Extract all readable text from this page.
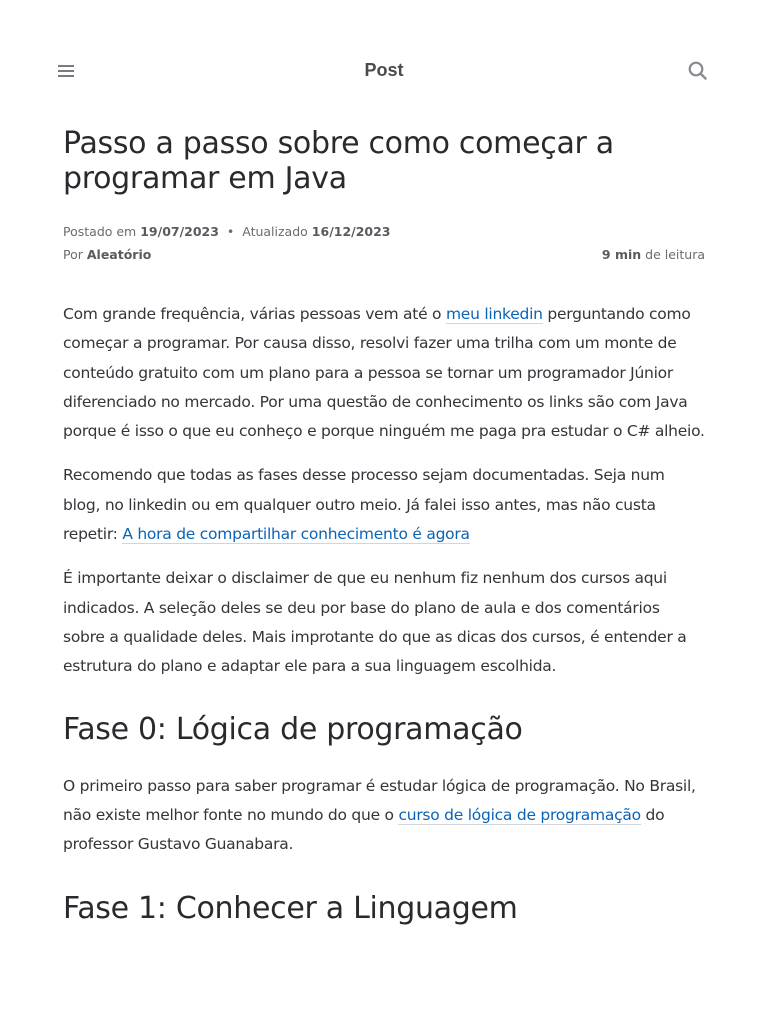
Post
Passo a passo sobre como começar a programar em Java
Postado em 19/07/2023 • Atualizado 16/12/2023
Por Aleatório	9 min de leitura

Com grande frequência, várias pessoas vem até o meu linkedin perguntando como começar a programar. Por causa disso, resolvi fazer uma trilha com um monte de conteúdo gratuito com um plano para a pessoa se tornar um programador Júnior diferenciado no mercado. Por uma questão de conhecimento os links são com Java porque é isso o que eu conheço e porque ninguém me paga pra estudar o C# alheio.

Recomendo que todas as fases desse processo sejam documentadas. Seja num blog, no linkedin ou em qualquer outro meio. Já falei isso antes, mas não custa repetir: A hora de compartilhar conhecimento é agora

É importante deixar o disclaimer de que eu nenhum fiz nenhum dos cursos aqui indicados. A seleção deles se deu por base do plano de aula e dos comentários sobre a qualidade deles. Mais improtante do que as dicas dos cursos, é entender a estrutura do plano e adaptar ele para a sua linguagem escolhida.

Fase 0: Lógica de programação

O primeiro passo para saber programar é estudar lógica de programação. No Brasil, não existe melhor fonte no mundo do que o curso de lógica de programação do professor Gustavo Guanabara.

Fase 1: Conhecer a Linguagem
